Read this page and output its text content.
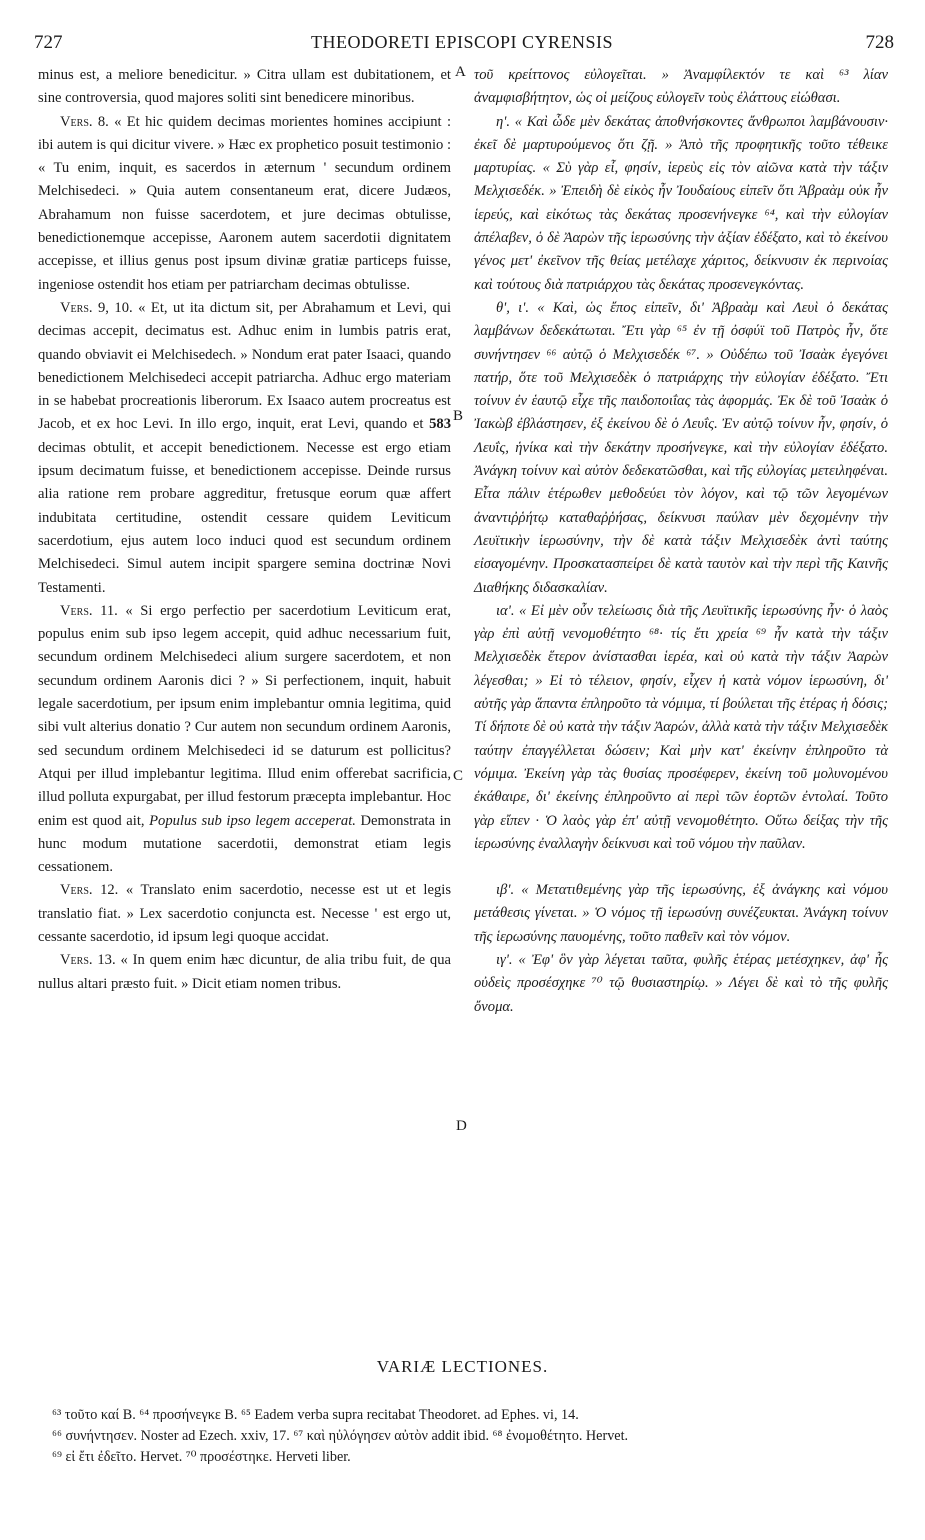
727	THEODORETI EPISCOPI CYRENSIS	728

minus est, a meliore benedicitur. » Citra ullam est dubitationem, et sine controversia, quod majores soliti sint benedicere minoribus.

Vers. 8. « Et hic quidem decimas morientes homines accipiunt : ibi autem is qui dicitur vivere. » Hæc ex prophetico posuit testimonio : « Tu enim, inquit, es sacerdos in æternum ' secundum ordinem Melchisedeci. » Quia autem consentaneum erat, dicere Judæos, Abrahamum non fuisse sacerdotem, et jure decimas obtulisse, benedictionemque accepisse, Aaronem autem sacerdotii dignitatem accepisse, et illius genus post ipsum divinæ gratiæ particeps fuisse, ingeniose ostendit hos etiam per patriarcham decimas obtulisse.

Vers. 9, 10. « Et, ut ita dictum sit, per Abrahamum et Levi, qui decimas accepit, decimatus est. Adhuc enim in lumbis patris erat, quando obviavit ei Melchisedech. » Nondum erat pater Isaaci, quando benedictionem Melchisedeci accepit patriarcha. Adhuc ergo materiam in se habebat procreationis liberorum. Ex Isaaco autem procreatus est Jacob, et ex hoc Levi. In illo ergo, inquit, erat Levi, quando et 583 decimas obtulit, et accepit benedictionem. Necesse est ergo etiam ipsum decimatum fuisse, et benedictionem accepisse. Deinde rursus alia ratione rem probare aggreditur, fretusque eorum quæ affert indubitata certitudine, ostendit cessare quidem Leviticum sacerdotium, ejus autem loco induci quod est secundum ordinem Melchisedeci. Simul autem incipit spargere semina doctrinæ Novi Testamenti.

Vers. 11. « Si ergo perfectio per sacerdotium Leviticum erat, populus enim sub ipso legem accepit, quid adhuc necessarium fuit, secundum ordinem Melchisedeci alium surgere sacerdotem, et non secundum ordinem Aaronis dici ? » Si perfectionem, inquit, habuit legale sacerdotium, per ipsum enim implebantur omnia legitima, quid sibi vult alterius donatio ? Cur autem non secundum ordinem Aaronis, sed secundum ordinem Melchisedeci id se daturum est pollicitus? Atqui per illud implebantur legitima. Illud enim offerebat sacrificia, illud polluta expurgabat, per illud festorum præcepta implebantur. Hoc enim est quod ait, Populus sub ipso legem acceperat. Demonstrata in hunc modum mutatione sacerdotii, demonstrat etiam legis cessationem.

Vers. 12. « Translato enim sacerdotio, necesse est ut et legis translatio fiat. » Lex sacerdotio conjuncta est. Necesse ' est ergo ut, cessante sacerdotio, id ipsum legi quoque accidat.

Vers. 13. « In quem enim hæc dicuntur, de alia tribu fuit, de qua nullus altari præsto fuit. » Dicit etiam nomen tribus.

A
B
C
D

τοῦ κρείττονος εὐλογεῖται. » Ἀναμφίλεκτόν τε καὶ ⁶³ λίαν ἀναμφισβήτητον, ὡς οἱ μείζους εὐλογεῖν τοὺς ἐλάττους εἰώθασι.

η'. « Καὶ ὧδε μὲν δεκάτας ἀποθνήσκοντες ἄνθρωποι λαμβάνουσιν· ἐκεῖ δὲ μαρτυρούμενος ὅτι ζῇ. » Ἀπὸ τῆς προφητικῆς τοῦτο τέθεικε μαρτυρίας. « Σὺ γὰρ εἶ, φησίν, ἱερεὺς εἰς τὸν αἰῶνα κατὰ τὴν τάξιν Μελχισεδέκ. » Ἐπειδὴ δὲ εἰκὸς ἦν Ἰουδαίους εἰπεῖν ὅτι Ἀβραὰμ οὐκ ἦν ἱερεύς, καὶ εἰκότως τὰς δεκάτας προσενήνεγκε ⁶⁴, καὶ τὴν εὐλογίαν ἀπέλαβεν, ὁ δὲ Ἀαρὼν τῆς ἱερωσύνης τὴν ἀξίαν ἐδέξατο, καὶ τὸ ἐκείνου γένος μετ' ἐκεῖνον τῆς θείας μετέλαχε χάριτος, δείκνυσιν ἐκ περινοίας καὶ τούτους διὰ πατριάρχου τὰς δεκάτας προσενεγκόντας.

θ', ι'. « Καὶ, ὡς ἔπος εἰπεῖν, δι' Ἀβραὰμ καὶ Λευὶ ὁ δεκάτας λαμβάνων δεδεκάτωται. Ἔτι γὰρ ⁶⁵ ἐν τῇ ὀσφύϊ τοῦ Πατρὸς ἦν, ὅτε συνήντησεν ⁶⁶ αὐτῷ ὁ Μελχισεδέκ ⁶⁷. » Οὐδέπω τοῦ Ἰσαὰκ ἐγεγόνει πατήρ, ὅτε τοῦ Μελχισεδὲκ ὁ πατριάρχης τὴν εὐλογίαν ἐδέξατο. Ἔτι τοίνυν ἐν ἑαυτῷ εἶχε τῆς παιδοποιΐας τὰς ἀφορμάς. Ἐκ δὲ τοῦ Ἰσαὰκ ὁ Ἰακὼβ ἐβλάστησεν, ἐξ ἐκείνου δὲ ὁ Λευΐς. Ἐν αὐτῷ τοίνυν ἦν, φησίν, ὁ Λευΐς, ἡνίκα καὶ τὴν δεκάτην προσήνεγκε, καὶ τὴν εὐλογίαν ἐδέξατο. Ἀνάγκη τοίνυν καὶ αὐτὸν δεδεκατῶσθαι, καὶ τῆς εὐλογίας μετειληφέναι. Εἶτα πάλιν ἑτέρωθεν μεθοδεύει τὸν λόγον, καὶ τῷ τῶν λεγομένων ἀναντιῤῥήτῳ καταθαῤῥήσας, δείκνυσι παύλαν μὲν δεχομένην τὴν Λευϊτικὴν ἱερωσύνην, τὴν δὲ κατὰ τάξιν Μελχισεδὲκ ἀντὶ ταύτης εἰσαγομένην. Προσκατασπείρει δὲ κατὰ ταυτὸν καὶ τὴν περὶ τῆς Καινῆς Διαθήκης διδασκαλίαν.

ια'. « Εἰ μὲν οὖν τελείωσις διὰ τῆς Λευϊτικῆς ἱερωσύνης ἦν· ὁ λαὸς γὰρ ἐπὶ αὐτῇ νενομοθέτητο ⁶⁸· τίς ἔτι χρεία ⁶⁹ ἦν κατὰ τὴν τάξιν Μελχισεδὲκ ἕτερον ἀνίστασθαι ἱερέα, καὶ οὐ κατὰ τὴν τάξιν Ἀαρὼν λέγεσθαι; » Εἰ τὸ τέλειον, φησίν, εἶχεν ἡ κατὰ νόμον ἱερωσύνη, δι' αὐτῆς γὰρ ἅπαντα ἐπληροῦτο τὰ νόμιμα, τί βούλεται τῆς ἑτέρας ἡ δόσις; Τί δήποτε δὲ οὐ κατὰ τὴν τάξιν Ἀαρών, ἀλλὰ κατὰ τὴν τάξιν Μελχισεδὲκ ταύτην ἐπαγγέλλεται δώσειν; Καὶ μὴν κατ' ἐκείνην ἐπληροῦτο τὰ νόμιμα. Ἐκείνη γὰρ τὰς θυσίας προσέφερεν, ἐκείνη τοῦ μολυνομένου ἐκάθαιρε, δι' ἐκείνης ἐπληροῦντο αἱ περὶ τῶν ἑορτῶν ἐντολαί. Τοῦτο γὰρ εἴπεν · Ὁ λαὸς γὰρ ἐπ' αὐτῇ νενομοθέτητο. Οὕτω δείξας τὴν τῆς ἱερωσύνης ἐναλλαγὴν δείκνυσι καὶ τοῦ νόμου τὴν παῦλαν.

ιβ'. « Μετατιθεμένης γὰρ τῆς ἱερωσύνης, ἐξ ἀνάγκης καὶ νόμου μετάθεσις γίνεται. » Ὁ νόμος τῇ ἱερωσύνῃ συνέζευκται. Ἀνάγκη τοίνυν τῆς ἱερωσύνης παυομένης, τοῦτο παθεῖν καὶ τὸν νόμον.

ιγ'. « Ἐφ' ὃν γὰρ λέγεται ταῦτα, φυλῆς ἑτέρας μετέσχηκεν, ἀφ' ἧς οὐδεὶς προσέσχηκε ⁷⁰ τῷ θυσιαστηρίῳ. » Λέγει δὲ καὶ τὸ τῆς φυλῆς ὄνομα.

VARIÆ LECTIONES.

⁶³ τοῦτο καί B. ⁶⁴ προσήνεγκε B. ⁶⁵ Eadem verba supra recitabat Theodoret. ad Ephes. vi, 14.

⁶⁶ συνήντησεν. Noster ad Ezech. xxiv, 17. ⁶⁷ καὶ ηὐλόγησεν αὐτὸν addit ibid. ⁶⁸ ἐνομοθέτητο. Hervet.

⁶⁹ εἰ ἔτι ἐδεῖτο. Hervet. ⁷⁰ προσέστηκε. Herveti liber.
